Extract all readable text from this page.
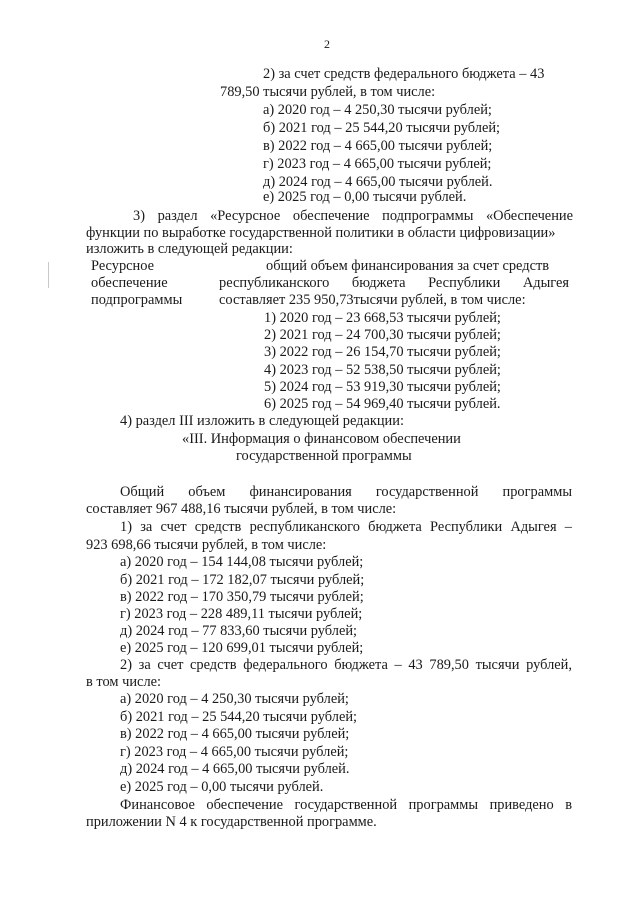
2
2) за счет средств федерального бюджета – 43
789,50 тысячи рублей, в том числе:
а) 2020 год – 4 250,30 тысячи рублей;
б) 2021 год – 25 544,20 тысячи рублей;
в) 2022 год – 4 665,00 тысячи рублей;
г) 2023 год – 4 665,00 тысячи рублей;
д) 2024 год – 4 665,00 тысячи рублей.
е) 2025 год – 0,00 тысячи рублей.
3) раздел «Ресурсное обеспечение подпрограммы «Обеспечение
функции по выработке государственной политики в области цифровизации»
изложить в следующей редакции:
Ресурсное
обеспечение
подпрограммы
общий объем финансирования за счет средств
республиканского бюджета Республики Адыгея
составляет 235 950,73тысячи рублей, в том числе:
1) 2020 год – 23 668,53 тысячи рублей;
2) 2021 год – 24 700,30 тысячи рублей;
3) 2022 год – 26 154,70 тысячи рублей;
4) 2023 год – 52 538,50 тысячи рублей;
5) 2024 год – 53 919,30 тысячи рублей;
6) 2025 год – 54 969,40 тысячи рублей.
4) раздел III изложить в следующей редакции:
«III. Информация о финансовом обеспечении
государственной программы
Общий объем финансирования государственной программы
составляет 967 488,16 тысячи рублей, в том числе:
1) за счет средств республиканского бюджета Республики Адыгея –
923 698,66 тысячи рублей, в том числе:
а) 2020 год – 154 144,08 тысячи рублей;
б) 2021 год – 172 182,07 тысячи рублей;
в) 2022 год – 170 350,79 тысячи рублей;
г) 2023 год – 228 489,11 тысячи рублей;
д) 2024 год – 77 833,60 тысячи рублей;
е) 2025 год – 120 699,01 тысячи рублей;
2) за счет средств федерального бюджета – 43 789,50 тысячи рублей,
в том числе:
а) 2020 год – 4 250,30 тысячи рублей;
б) 2021 год – 25 544,20 тысячи рублей;
в) 2022 год – 4 665,00 тысячи рублей;
г) 2023 год – 4 665,00 тысячи рублей;
д) 2024 год – 4 665,00 тысячи рублей.
е) 2025 год – 0,00 тысячи рублей.
Финансовое обеспечение государственной программы приведено в
приложении N 4 к государственной программе.
